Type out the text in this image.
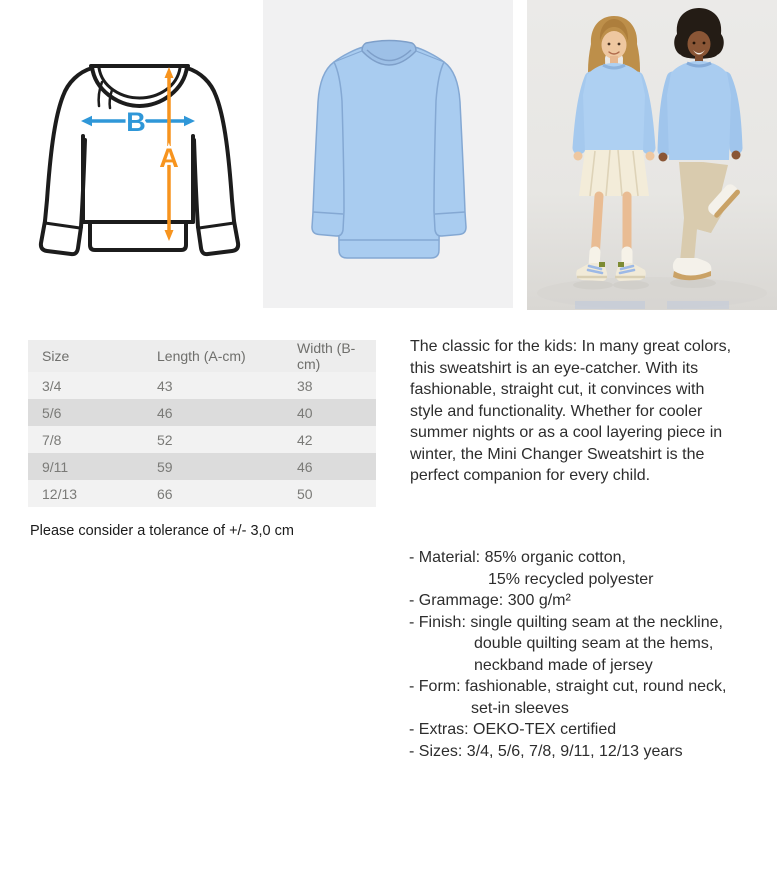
B
A
Size	Length (A-cm)	Width (B-cm)
3/4	43	38
5/6	46	40
7/8	52	42
9/11	59	46
12/13	66	50
Please consider a tolerance of +/- 3,0 cm
The classic for the kids: In many great colors,
this sweatshirt is an eye-catcher. With its
fashionable, straight cut, it convinces with
style and functionality. Whether for cooler
summer nights or as a cool layering piece in
winter, the Mini Changer Sweatshirt is the
perfect companion for every child.
- Material: 85% organic cotton,
15% recycled polyester
- Grammage: 300 g/m²
- Finish: single quilting seam at the neckline,
double quilting seam at the hems,
neckband made of jersey
- Form: fashionable, straight cut, round neck,
set-in sleeves
- Extras: OEKO-TEX certified
- Sizes: 3/4, 5/6, 7/8, 9/11, 12/13 years
